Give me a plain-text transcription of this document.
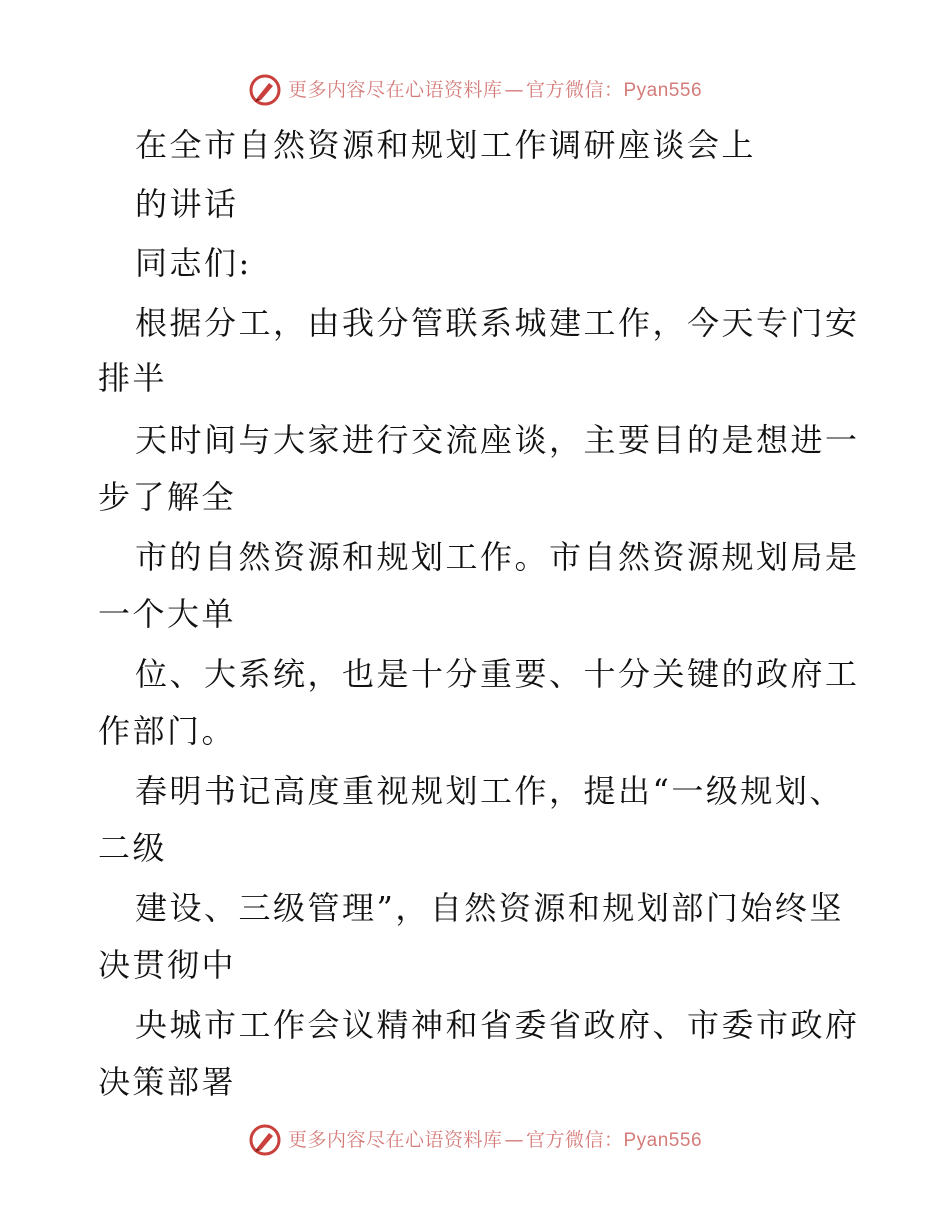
更多内容尽在心语资料库 — 官方微信： Pyan556
在全市自然资源和规划工作调研座谈会上
的讲话
同志们:
根据分工，由我分管联系城建工作，今天专门安
排半
天时间与大家进行交流座谈，主要目的是想进一
步了解全
市的自然资源和规划工作。市自然资源规划局是
一个大单
位、大系统，也是十分重要、十分关键的政府工
作部门。
春明书记高度重视规划工作，提出“一级规划、
二级
建设、三级管理”，自然资源和规划部门始终坚
决贯彻中
央城市工作会议精神和省委省政府、市委市政府
决策部署
更多内容尽在心语资料库 — 官方微信： Pyan556
